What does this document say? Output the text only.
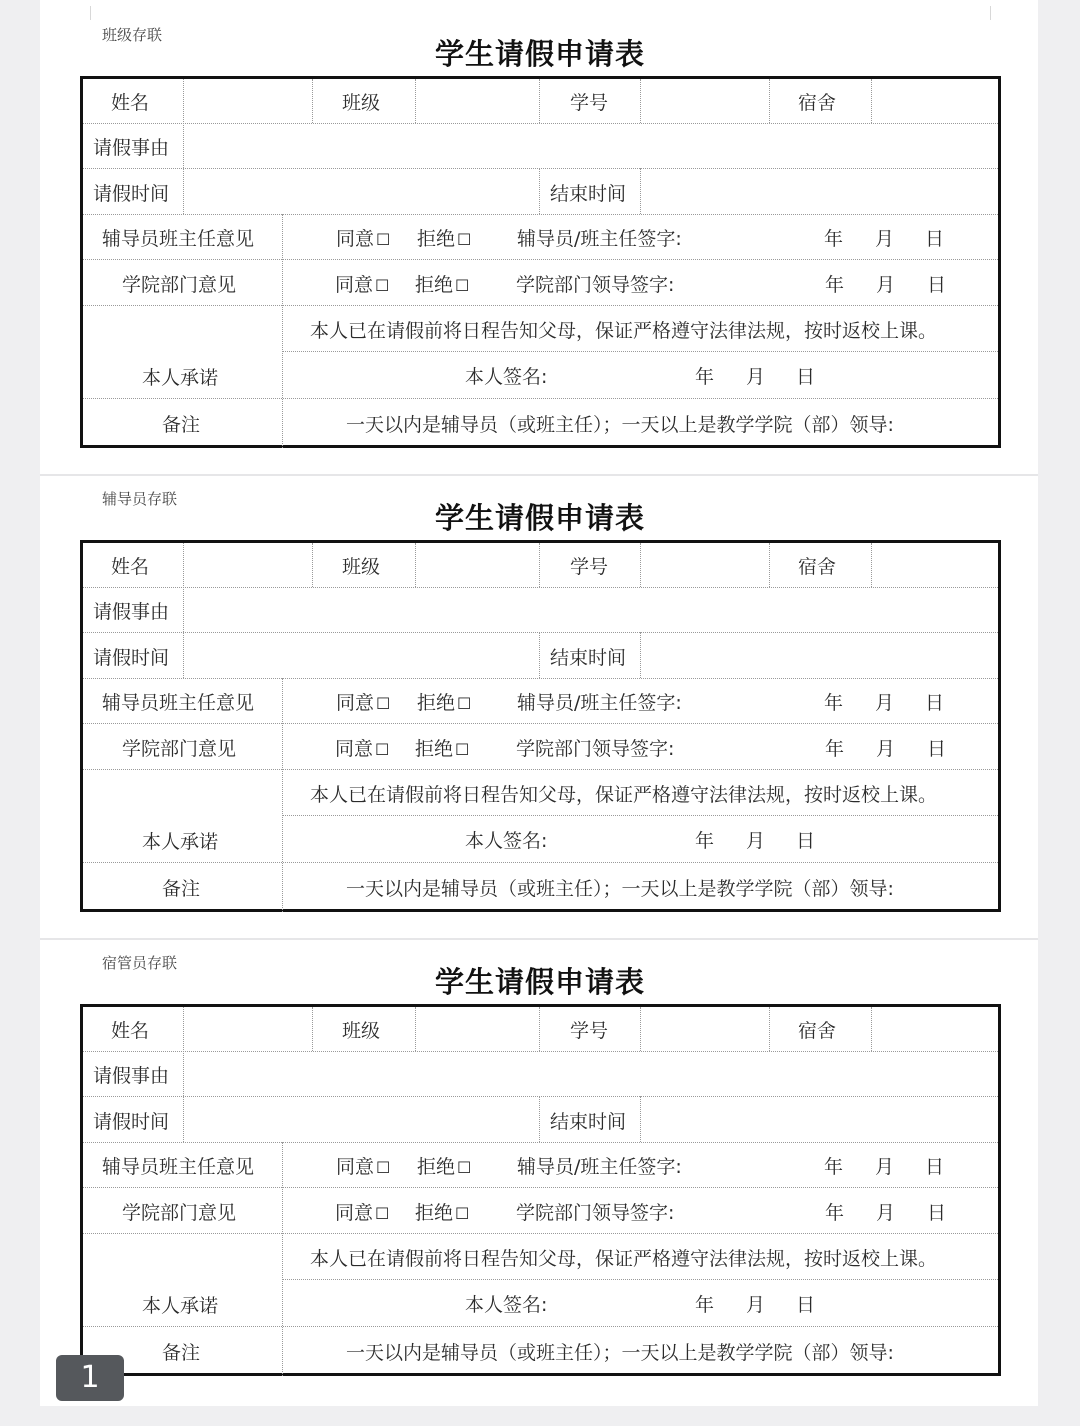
班级存联
学生请假申请表
姓名	班级	学号	宿舍
请假事由
请假时间	结束时间
辅导员班主任意见	同意 ☐ 拒绝 ☐ 辅导员/班主任签字:	年 月 日
学院部门意见	同意 ☐ 拒绝 ☐ 学院部门领导签字:	年 月 日
本人承诺
本人已在请假前将日程告知父母，保证严格遵守法律法规，按时返校上课。
本人签名:	年 月 日
备注	一天以内是辅导员（或班主任）；一天以上是教学学院（部）领导:
辅导员存联
学生请假申请表
姓名	班级	学号	宿舍
请假事由
请假时间	结束时间
辅导员班主任意见	同意 ☐ 拒绝 ☐ 辅导员/班主任签字:	年 月 日
学院部门意见	同意 ☐ 拒绝 ☐ 学院部门领导签字:	年 月 日
本人承诺
本人已在请假前将日程告知父母，保证严格遵守法律法规，按时返校上课。
本人签名:	年 月 日
备注	一天以内是辅导员（或班主任）；一天以上是教学学院（部）领导:
宿管员存联
学生请假申请表
姓名	班级	学号	宿舍
请假事由
请假时间	结束时间
辅导员班主任意见	同意 ☐ 拒绝 ☐ 辅导员/班主任签字:	年 月 日
学院部门意见	同意 ☐ 拒绝 ☐ 学院部门领导签字:	年 月 日
本人承诺
本人已在请假前将日程告知父母，保证严格遵守法律法规，按时返校上课。
本人签名:	年 月 日
备注	一天以内是辅导员（或班主任）；一天以上是教学学院（部）领导:
1
